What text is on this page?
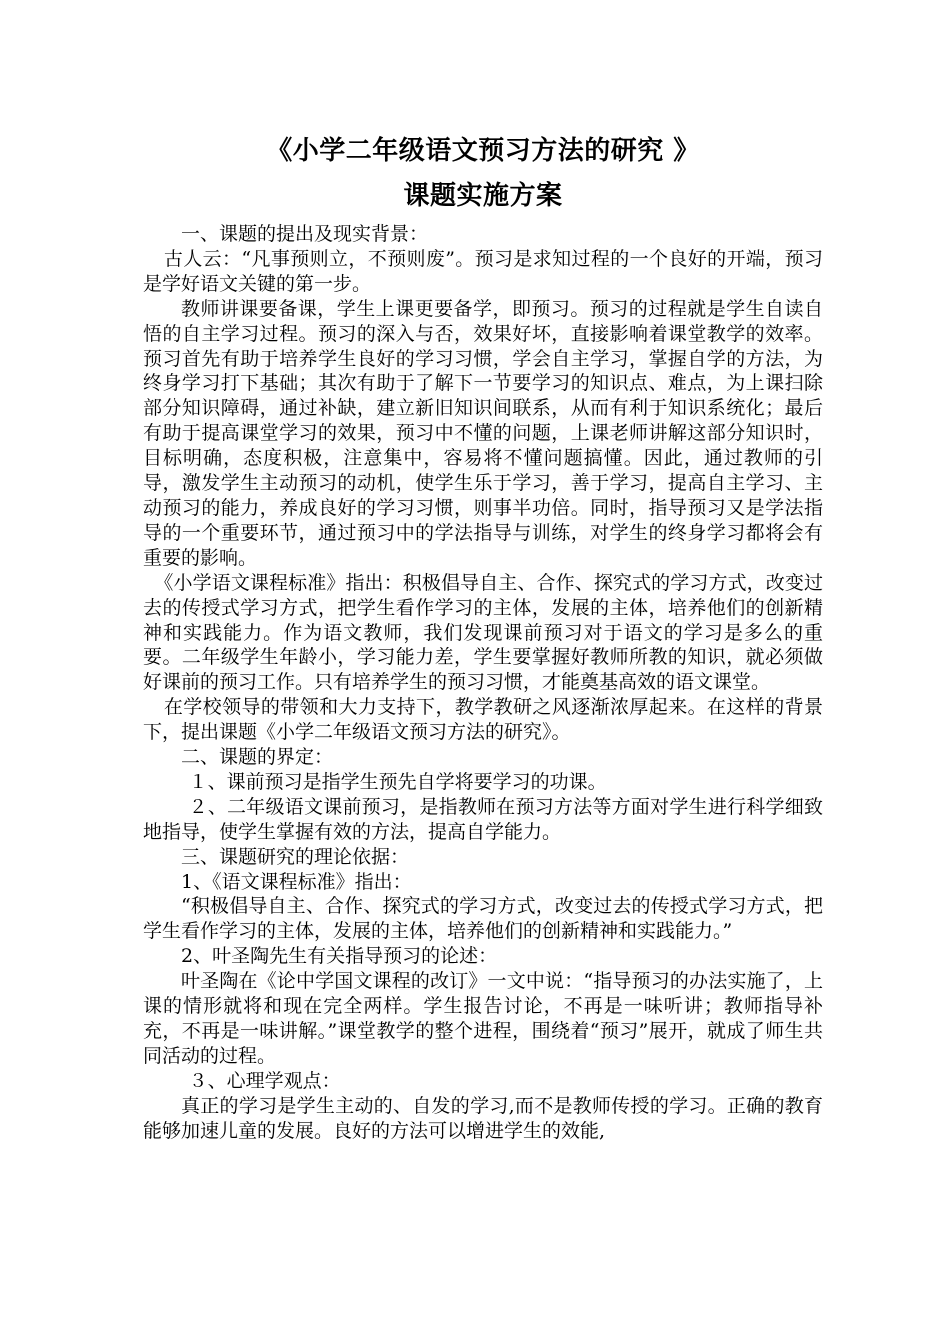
《小学二年级语文预习方法的研究 》
课题实施方案

一、课题的提出及现实背景：

古人云：“凡事预则立，不预则废”。预习是求知过程的一个良好的开端，预习是学好语文关键的第一步。

教师讲课要备课，学生上课更要备学，即预习。预习的过程就是学生自读自悟的自主学习过程。预习的深入与否，效果好坏，直接影响着课堂教学的效率。预习首先有助于培养学生良好的学习习惯，学会自主学习，掌握自学的方法，为终身学习打下基础；其次有助于了解下一节要学习的知识点、难点，为上课扫除部分知识障碍，通过补缺，建立新旧知识间联系，从而有利于知识系统化；最后有助于提高课堂学习的效果，预习中不懂的问题，上课老师讲解这部分知识时，目标明确，态度积极，注意集中，容易将不懂问题搞懂。因此，通过教师的引导，激发学生主动预习的动机，使学生乐于学习，善于学习，提高自主学习、主动预习的能力，养成良好的学习习惯，则事半功倍。同时，指导预习又是学法指导的一个重要环节，通过预习中的学法指导与训练，对学生的终身学习都将会有重要的影响。

《小学语文课程标准》指出：积极倡导自主、合作、探究式的学习方式，改变过去的传授式学习方式，把学生看作学习的主体，发展的主体，培养他们的创新精神和实践能力。作为语文教师，我们发现课前预习对于语文的学习是多么的重要。二年级学生年龄小，学习能力差，学生要掌握好教师所教的知识，就必须做好课前的预习工作。只有培养学生的预习习惯，才能奠基高效的语文课堂。

在学校领导的带领和大力支持下，教学教研之风逐渐浓厚起来。在这样的背景下，提出课题《小学二年级语文预习方法的研究》。

二、课题的界定：

１、课前预习是指学生预先自学将要学习的功课。

２、二年级语文课前预习，是指教师在预习方法等方面对学生进行科学细致地指导，使学生掌握有效的方法，提高自学能力。

三、课题研究的理论依据：

1、《语文课程标准》指出：

“积极倡导自主、合作、探究式的学习方式，改变过去的传授式学习方式，把学生看作学习的主体，发展的主体，培养他们的创新精神和实践能力。”

2、叶圣陶先生有关指导预习的论述：

叶圣陶在《论中学国文课程的改订》一文中说：“指导预习的办法实施了，上课的情形就将和现在完全两样。学生报告讨论，不再是一味听讲；教师指导补充，不再是一味讲解。”课堂教学的整个进程，围绕着“预习”展开，就成了师生共同活动的过程。

３、心理学观点：

真正的学习是学生主动的、自发的学习,而不是教师传授的学习。正确的教育能够加速儿童的发展。良好的方法可以增进学生的效能,
